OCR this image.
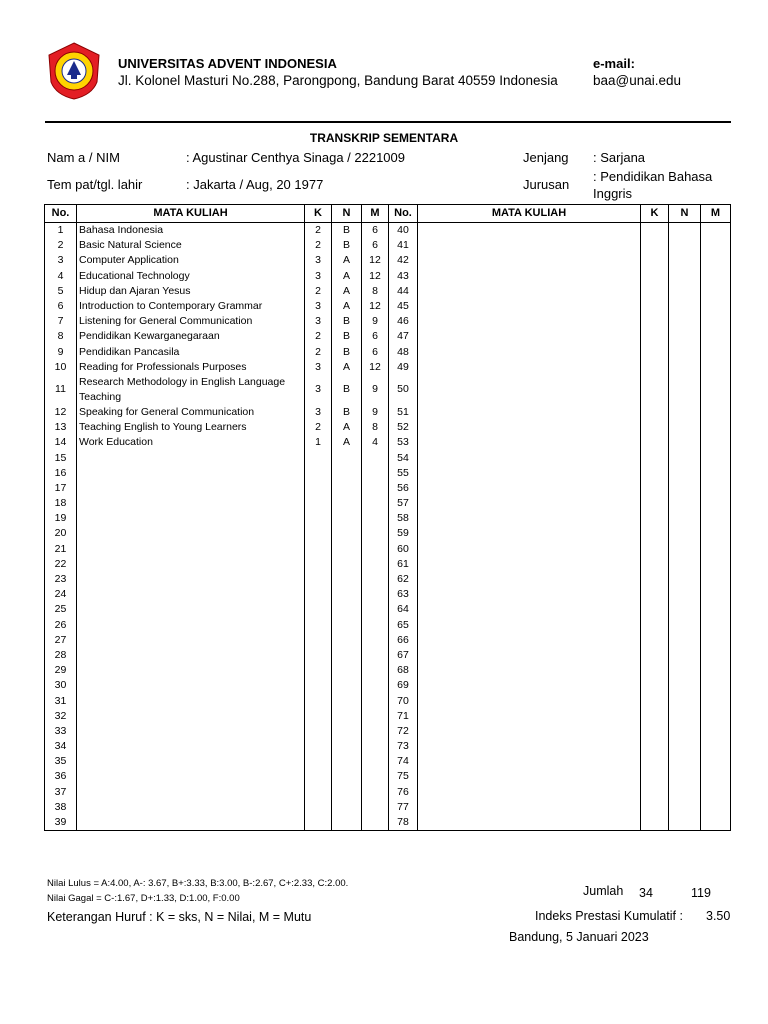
UNIVERSITAS ADVENT INDONESIA
Jl. Kolonel Masturi No.288, Parongpong, Bandung Barat 40559 Indonesia
e-mail:
baa@unai.edu
TRANSKRIP SEMENTARA
Nam a / NIM	: Agustinar Centhya Sinaga / 2221009
Tem pat/tgl. lahir	: Jakarta / Aug, 20 1977
Jenjang : Sarjana
Jurusan
: Pendidikan Bahasa Inggris
No.	MATA KULIAH	K	N	M	No.	MATA KULIAH	K	N	M
1	Bahasa Indonesia	2	B	6	40				
2	Basic Natural Science	2	B	6	41				
3	Computer Application	3	A	12	42				
4	Educational Technology	3	A	12	43				
5	Hidup dan Ajaran Yesus	2	A	8	44				
6	Introduction to Contemporary Grammar	3	A	12	45				
7	Listening for General Communication	3	B	9	46				
8	Pendidikan Kewarganegaraan	2	B	6	47				
9	Pendidikan Pancasila	2	B	6	48				
10	Reading for Professionals Purposes	3	A	12	49				
11	Research Methodology in English Language Teaching	3	B	9	50				
12	Speaking for General Communication	3	B	9	51				
13	Teaching English to Young Learners	2	A	8	52				
14	Work Education	1	A	4	53				
15					54				
16					55				
17					56				
18					57				
19					58				
20					59				
21					60				
22					61				
23					62				
24					63				
25					64				
26					65				
27					66				
28					67				
29					68				
30					69				
31					70				
32					71				
33					72				
34					73				
35					74				
36					75				
37					76				
38					77				
39					78				
Nilai Lulus = A:4.00, A-: 3.67, B+:3.33, B:3.00, B-:2.67, C+:2.33, C:2.00.
Nilai Gagal = C-:1.67, D+:1.33, D:1.00, F:0.00
Keterangan Huruf : K = sks, N = Nilai, M = Mutu
Jumlah 34	119
Indeks Prestasi Kumulatif : 3.50
Bandung, 5 Januari 2023
